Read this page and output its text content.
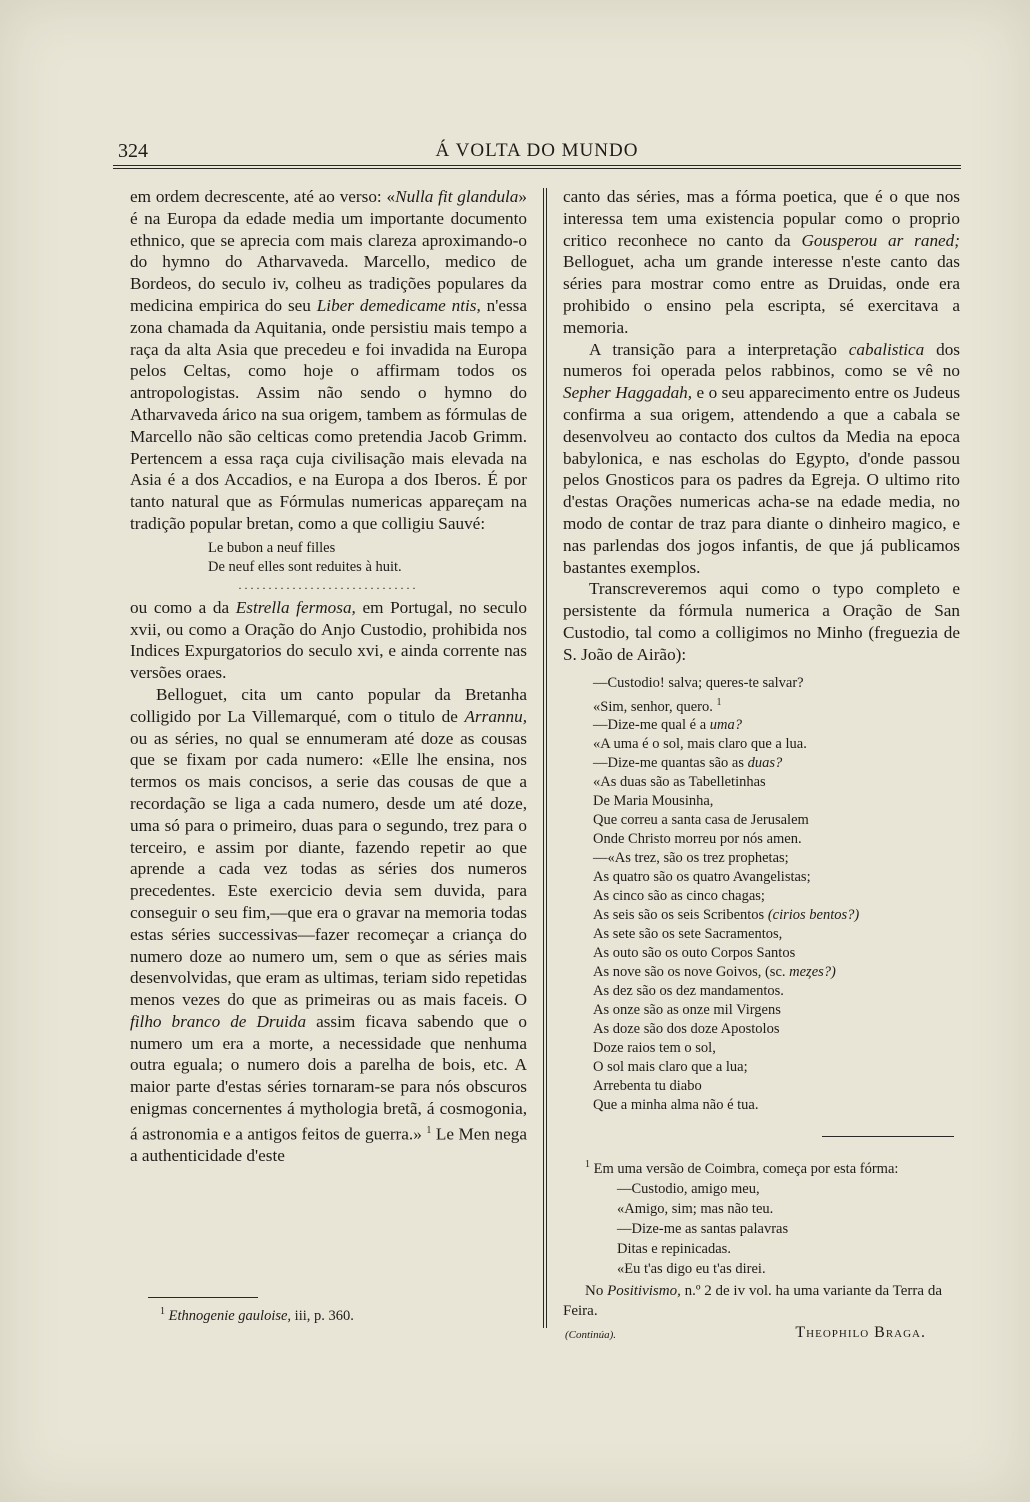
324	Á VOLTA DO MUNDO

em ordem decrescente, até ao verso: «Nulla fit glandula» é na Europa da edade media um importante documento ethnico, que se aprecia com mais clareza aproximando-o do hymno do Atharvaveda. Marcello, medico de Bordeos, do seculo iv, colheu as tradições populares da medicina empirica do seu Liber demedicame ntis, n'essa zona chamada da Aquitania, onde persistiu mais tempo a raça da alta Asia que precedeu e foi invadida na Europa pelos Celtas, como hoje o affirmam todos os antropologistas. Assim não sendo o hymno do Atharvaveda árico na sua origem, tambem as fórmulas de Marcello não são celticas como pretendia Jacob Grimm. Pertencem a essa raça cuja civilisação mais elevada na Asia é a dos Accadios, e na Europa a dos Iberos. É por tanto natural que as Fórmulas numericas appareçam na tradição popular bretan, como a que colligiu Sauvé:

Le bubon a neuf filles
De neuf elles sont reduites à huit.
..............................

ou como a da Estrella fermosa, em Portugal, no seculo xvii, ou como a Oração do Anjo Custodio, prohibida nos Indices Expurgatorios do seculo xvi, e ainda corrente nas versões oraes.

Belloguet, cita um canto popular da Bretanha colligido por La Villemarqué, com o titulo de Arrannu, ou as séries, no qual se ennumeram até doze as cousas que se fixam por cada numero: «Elle lhe ensina, nos termos os mais concisos, a serie das cousas de que a recordação se liga a cada numero, desde um até doze, uma só para o primeiro, duas para o segundo, trez para o terceiro, e assim por diante, fazendo repetir ao que aprende a cada vez todas as séries dos numeros precedentes. Este exercicio devia sem duvida, para conseguir o seu fim,—que era o gravar na memoria todas estas séries successivas—fazer recomeçar a criança do numero doze ao numero um, sem o que as séries mais desenvolvidas, que eram as ultimas, teriam sido repetidas menos vezes do que as primeiras ou as mais faceis. O filho branco de Druida assim ficava sabendo que o numero um era a morte, a necessidade que nenhuma outra eguala; o numero dois a parelha de bois, etc. A maior parte d'estas séries tornaram-se para nós obscuros enigmas concernentes á mythologia bretã, á cosmogonia, á astronomia e a antigos feitos de guerra.» $^1$ Le Men nega a authenticidade d'este

$^1$ Ethnogenie gauloise, iii, p. 360.

canto das séries, mas a fórma poetica, que é o que nos interessa tem uma existencia popular como o proprio critico reconhece no canto da Gousperou ar raned; Belloguet, acha um grande interesse n'este canto das séries para mostrar como entre as Druidas, onde era prohibido o ensino pela escripta, sé exercitava a memoria.

A transição para a interpretação cabalistica dos numeros foi operada pelos rabbinos, como se vê no Sepher Haggadah, e o seu apparecimento entre os Judeus confirma a sua origem, attendendo a que a cabala se desenvolveu ao contacto dos cultos da Media na epoca babylonica, e nas escholas do Egypto, d'onde passou pelos Gnosticos para os padres da Egreja. O ultimo rito d'estas Orações numericas acha-se na edade media, no modo de contar de traz para diante o dinheiro magico, e nas parlendas dos jogos infantis, de que já publicamos bastantes exemplos.

Transcreveremos aqui como o typo completo e persistente da fórmula numerica a Oração de San Custodio, tal como a colligimos no Minho (freguezia de S. João de Airão):

—Custodio! salva; queres-te salvar?
«Sim, senhor, quero. $^1$
—Dize-me qual é a uma?
«A uma é o sol, mais claro que a lua.
—Dize-me quantas são as duas?
«As duas são as Tabelletinhas
De Maria Mousinha,
Que correu a santa casa de Jerusalem
Onde Christo morreu por nós amen.
—«As trez, são os trez prophetas;
As quatro são os quatro Avangelistas;
As cinco são as cinco chagas;
As seis são os seis Scribentos (cirios bentos?)
As sete são os sete Sacramentos,
As outo são os outo Corpos Santos
As nove são os nove Goivos, (sc. meȥes?)
As dez são os dez mandamentos.
As onze são as onze mil Virgens
As doze são dos doze Apostolos
Doze raios tem o sol,
O sol mais claro que a lua;
Arrebenta tu diabo
Que a minha alma não é tua.

$^1$ Em uma versão de Coimbra, começa por esta fórma:

—Custodio, amigo meu,
«Amigo, sim; mas não teu.
—Dize-me as santas palavras
Ditas e repinicadas.
«Eu t'as digo eu t'as direi.

No Positivismo, n.º 2 de iv vol. ha uma variante da Terra da Feira.

(Continúa).	Theophilo Braga.
